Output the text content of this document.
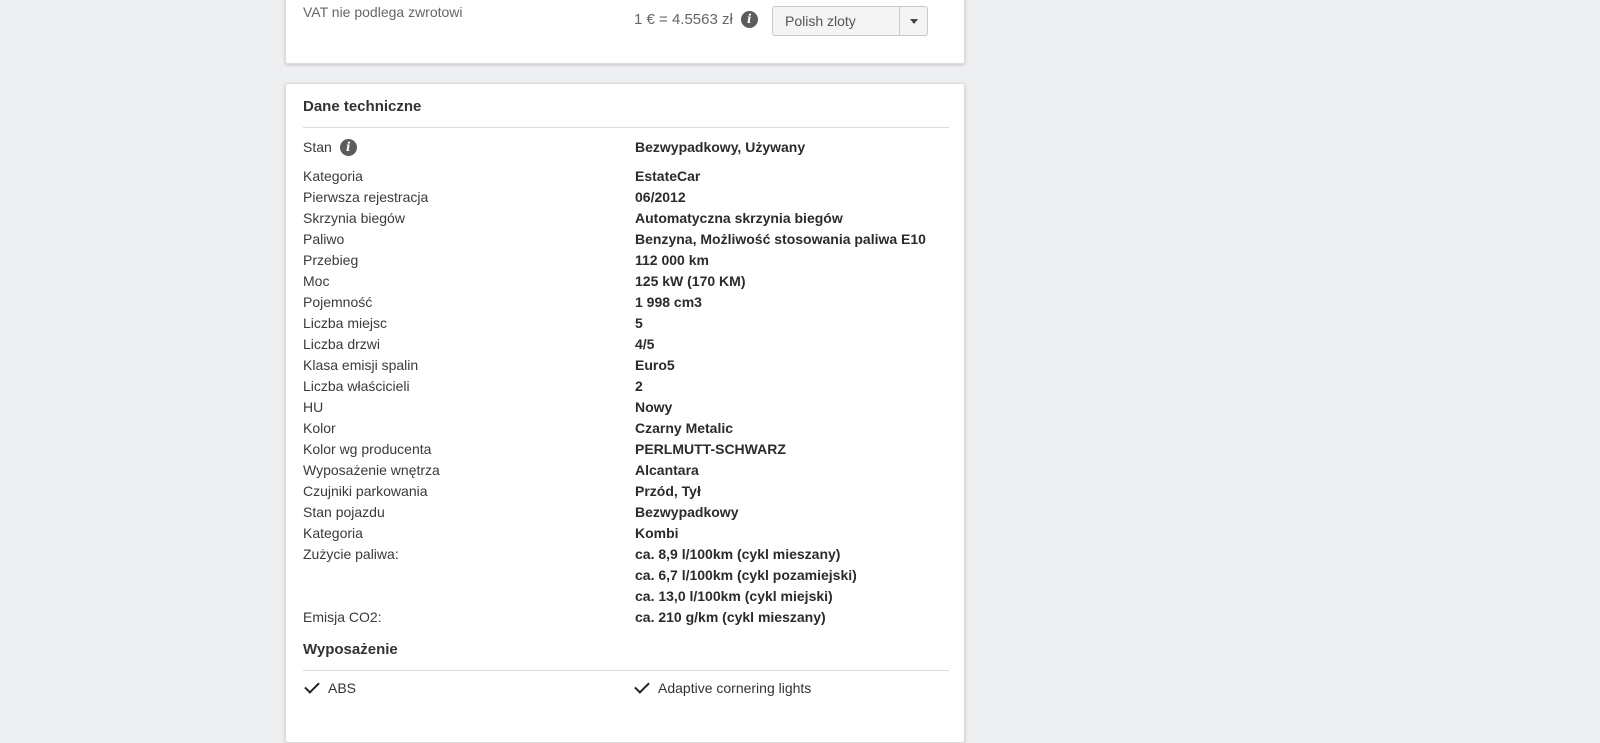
VAT nie podlega zwrotowi	1 € = 4.5563 zł	i	Polish zloty
Dane techniczne
Stan	i	Bezwypadkowy, Używany
Kategoria	EstateCar
Pierwsza rejestracja	06/2012
Skrzynia biegów	Automatyczna skrzynia biegów
Paliwo	Benzyna, Możliwość stosowania paliwa E10
Przebieg	112 000 km
Moc	125 kW (170 KM)
Pojemność	1 998 cm3
Liczba miejsc	5
Liczba drzwi	4/5
Klasa emisji spalin	Euro5
Liczba właścicieli	2
HU	Nowy
Kolor	Czarny Metalic
Kolor wg producenta	PERLMUTT-SCHWARZ
Wyposażenie wnętrza	Alcantara
Czujniki parkowania	Przód, Tył
Stan pojazdu	Bezwypadkowy
Kategoria	Kombi
Zużycie paliwa:	ca. 8,9 l/100km (cykl mieszany)
ca. 6,7 l/100km (cykl pozamiejski)
ca. 13,0 l/100km (cykl miejski)
Emisja CO2:	ca. 210 g/km (cykl mieszany)
Wyposażenie
ABS	Adaptive cornering lights
